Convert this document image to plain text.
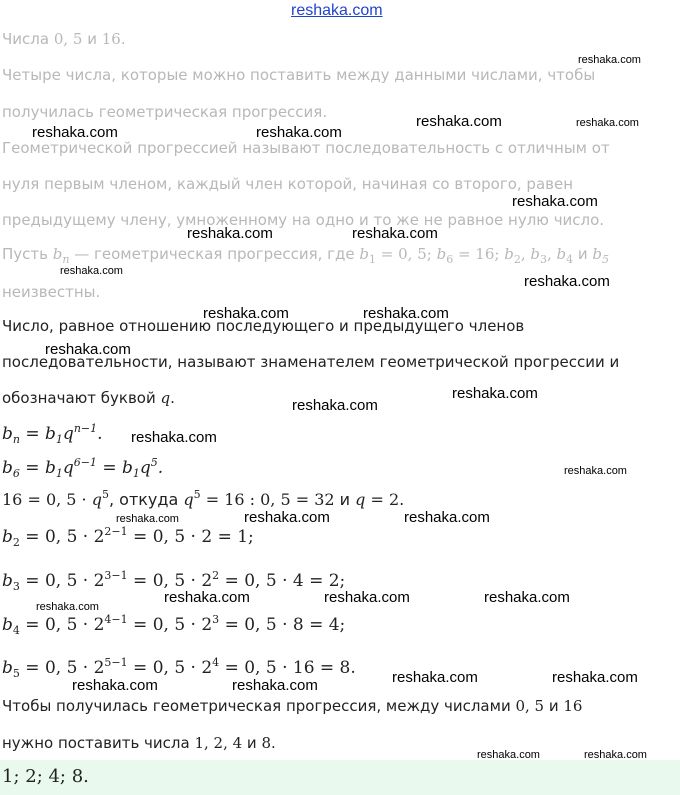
reshaka.com
Числа 0, 5 и 16.
Четыре числа, которые можно поставить между данными числами, чтобы
получилась геометрическая прогрессия.
Геометрической прогрессией называют последовательность с отличным от
нуля первым членом, каждый член которой, начиная со второго, равен
предыдущему члену, умноженному на одно и то же не равное нулю число.
Пусть $b_n$ — геометрическая прогрессия, где $b_1 = 0$, 5; $b_6 = 16$; $b_2$, $b_3$, $b_4$ и $b_5$
неизвестны.
Число, равное отношению последующего и предыдущего членов
последовательности, называют знаменателем геометрической прогрессии и
обозначают буквой q.
$b_n = b_1q^{n-1}$.
$b_6 = b_1q^{6-1} = b_1q^5$.
16 = 0, $5 \cdot q^5$, откуда $q^5 = 16$ : 0, 5 = 32 и q = 2.
$b_2 = 0$, $5 \cdot 2^{2-1} = 0$, 5 · 2 = 1;
$b_3 = 0$, $5 \cdot 2^{3-1} = 0$, $5 \cdot 2^2 = 0$, 5 · 4 = 2;
$b_4 = 0$, $5 \cdot 2^{4-1} = 0$, $5 \cdot 2^3 = 0$, 5 · 8 = 4;
$b_5 = 0$, $5 \cdot 2^{5-1} = 0$, $5 \cdot 2^4 = 0$, 5 · 16 = 8.
Чтобы получилась геометрическая прогрессия, между числами 0, 5 и 16
нужно поставить числа 1, 2, 4 и 8.
1; 2; 4; 8.
reshaka.com
reshaka.com	reshaka.com
reshaka.com	reshaka.com
reshaka.com
reshaka.com	reshaka.com
reshaka.com
reshaka.com
reshaka.com	reshaka.com
reshaka.com
reshaka.com
reshaka.com
reshaka.com
reshaka.com
reshaka.com	reshaka.com	reshaka.com
reshaka.com
reshaka.com	reshaka.com	reshaka.com
reshaka.com
reshaka.com
reshaka.com	reshaka.com
reshaka.com	reshaka.com
